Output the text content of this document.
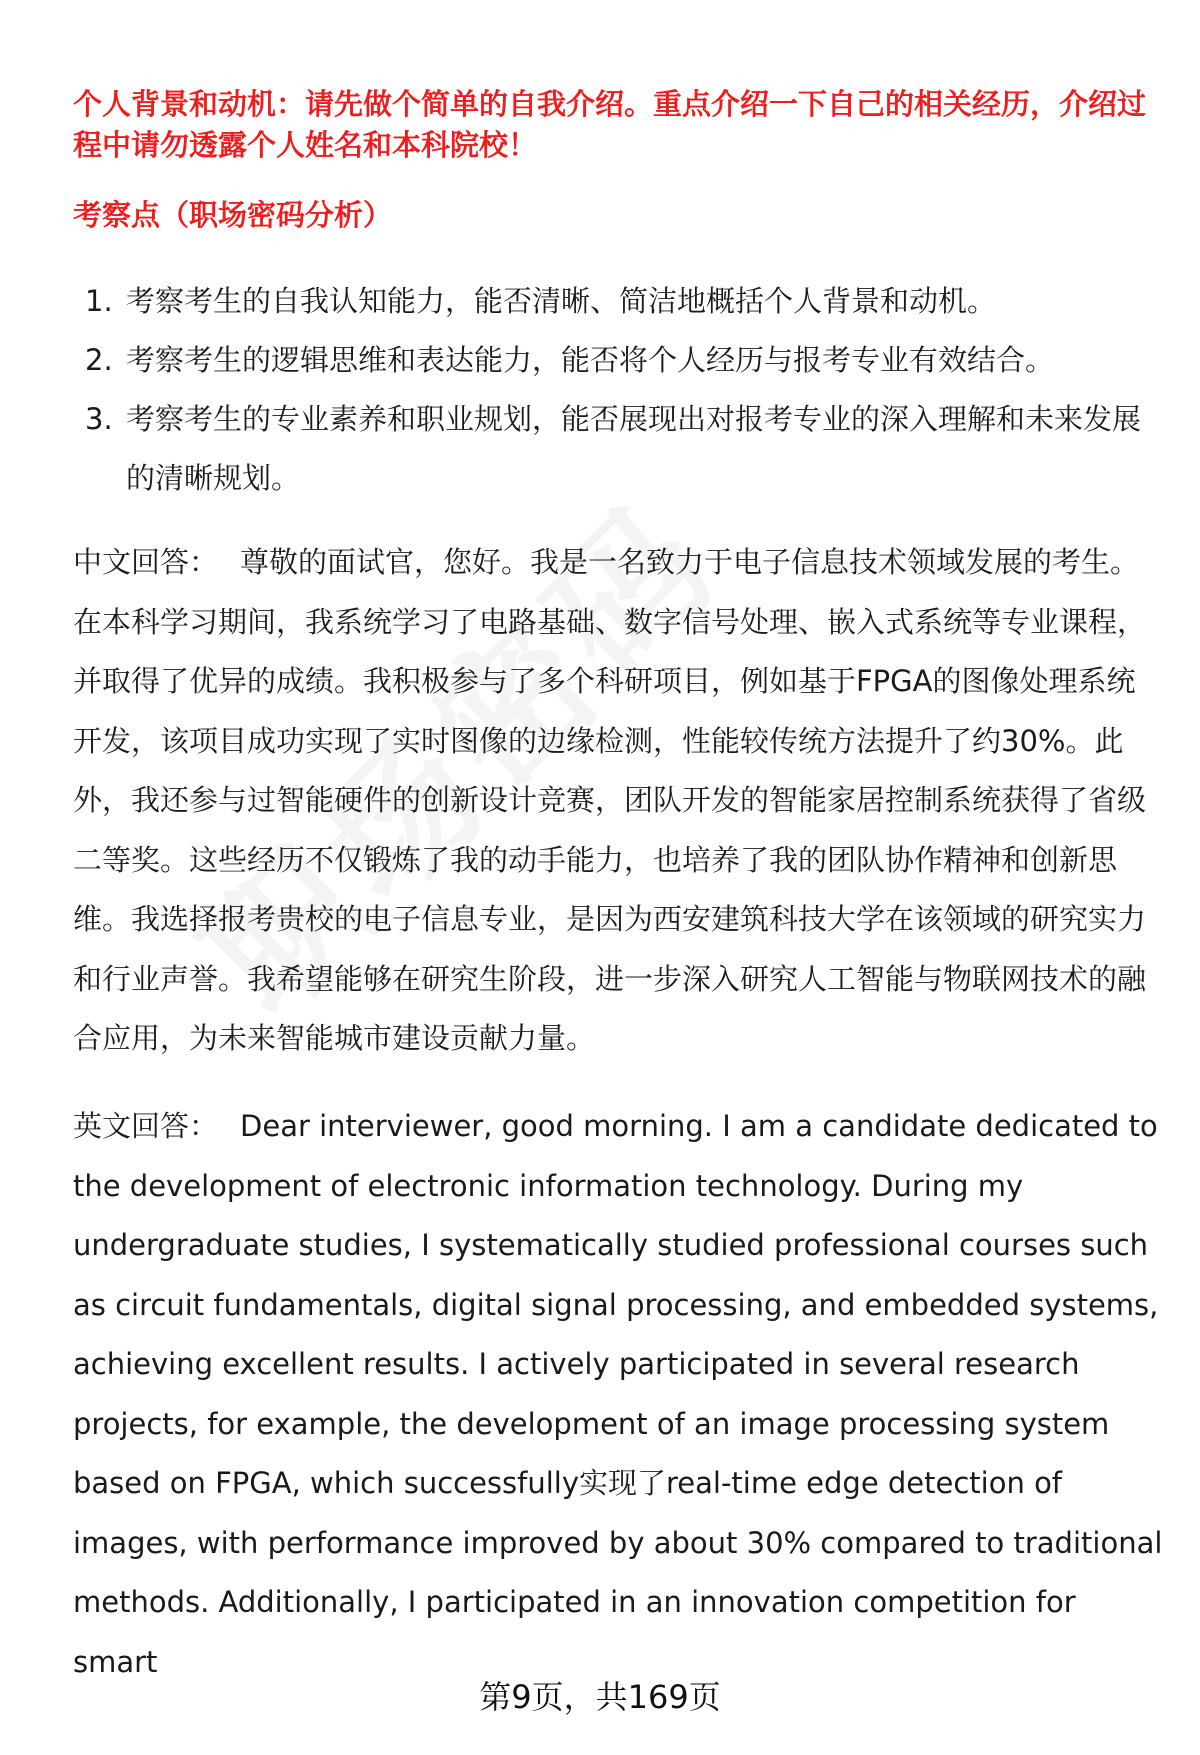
个人背景和动机：请先做个简单的自我介绍。重点介绍一下自己的相关经历，介绍过程中请勿透露个人姓名和本科院校！
考察点（职场密码分析）
1. 考察考生的自我认知能力，能否清晰、简洁地概括个人背景和动机。
2. 考察考生的逻辑思维和表达能力，能否将个人经历与报考专业有效结合。
3. 考察考生的专业素养和职业规划，能否展现出对报考专业的深入理解和未来发展的清晰规划。

中文回答： 尊敬的面试官，您好。我是一名致力于电子信息技术领域发展的考生。在本科学习期间，我系统学习了电路基础、数字信号处理、嵌入式系统等专业课程，并取得了优异的成绩。我积极参与了多个科研项目，例如基于FPGA的图像处理系统开发，该项目成功实现了实时图像的边缘检测，性能较传统方法提升了约30%。此外，我还参与过智能硬件的创新设计竞赛，团队开发的智能家居控制系统获得了省级二等奖。这些经历不仅锻炼了我的动手能力，也培养了我的团队协作精神和创新思维。我选择报考贵校的电子信息专业，是因为西安建筑科技大学在该领域的研究实力和行业声誉。我希望能够在研究生阶段，进一步深入研究人工智能与物联网技术的融合应用，为未来智能城市建设贡献力量。

英文回答： Dear interviewer, good morning. I am a candidate dedicated to the development of electronic information technology. During my undergraduate studies, I systematically studied professional courses such as circuit fundamentals, digital signal processing, and embedded systems, achieving excellent results. I actively participated in several research projects, for example, the development of an image processing system based on FPGA, which successfully实现了real-time edge detection of images, with performance improved by about 30% compared to traditional methods. Additionally, I participated in an innovation competition for smart

第9页，共169页
